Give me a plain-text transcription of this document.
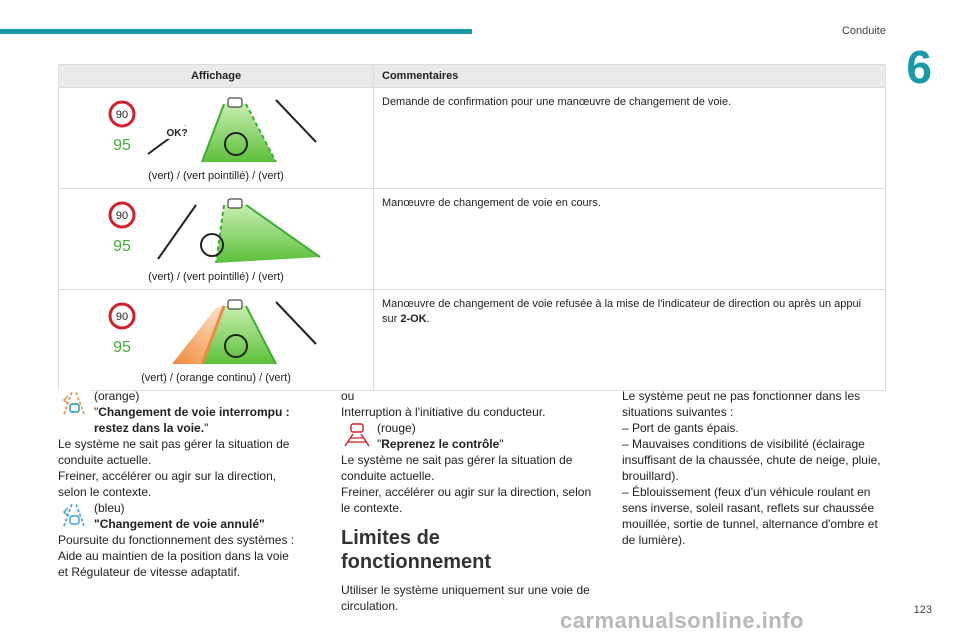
Conduite
6
Affichage	Commentaires

90
95
OK?
(vert) / (vert pointillé) / (vert)	Demande de confirmation pour une manœuvre de changement de voie.

90
95
(vert) / (vert pointillé) / (vert)	Manœuvre de changement de voie en cours.

90
95
(vert) / (orange continu) / (vert)	Manœuvre de changement de voie refusée à la mise de l'indicateur de direction ou après un appui sur 2-OK.

(orange)

"Changement de voie interrompu : restez dans la voie."

Le système ne sait pas gérer la situation de conduite actuelle.

Freiner, accélérer ou agir sur la direction, selon le contexte.

(bleu)

"Changement de voie annulé"

Poursuite du fonctionnement des systèmes :

Aide au maintien de la position dans la voie et Régulateur de vitesse adaptatif.

ou

Interruption à l'initiative du conducteur.

(rouge)

"Reprenez le contrôle"

Le système ne sait pas gérer la situation de conduite actuelle.

Freiner, accélérer ou agir sur la direction, selon le contexte.

Limites de fonctionnement

Utiliser le système uniquement sur une voie de circulation.

Le système peut ne pas fonctionner dans les situations suivantes :

– Port de gants épais.

– Mauvaises conditions de visibilité (éclairage insuffisant de la chaussée, chute de neige, pluie, brouillard).

– Éblouissement (feux d'un véhicule roulant en sens inverse, soleil rasant, reflets sur chaussée mouillée, sortie de tunnel, alternance d'ombre et de lumière).

123
carmanualsonline.info
